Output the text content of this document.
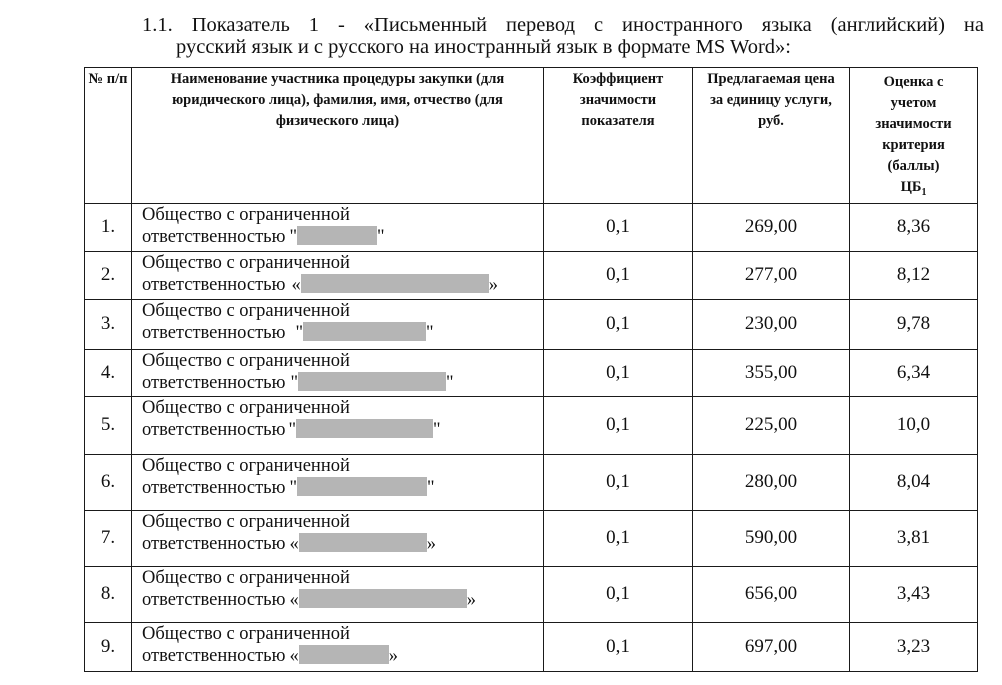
1.1. Показатель 1 - «Письменный перевод с иностранного языка (английский) на
русский язык и с русского на иностранный язык в формате MS Word»:
№ п/п	Наименование участника процедуры закупки (для юридического лица), фамилия, имя, отчество (для физического лица)	Коэффициент значимости показателя	Предлагаемая цена за единицу услуги, руб.	Оценка с учетом значимости критерия (баллы)
$ЦБ_1$
1.	Общество с ограниченной
ответственностью " "	0,1	269,00	8,36
2.	Общество с ограниченной
ответственностью « »	0,1	277,00	8,12
3.	Общество с ограниченной
ответственностью " "	0,1	230,00	9,78
4.	Общество с ограниченной
ответственностью " "	0,1	355,00	6,34
5.	Общество с ограниченной
ответственностью " "	0,1	225,00	10,0
6.	Общество с ограниченной
ответственностью " "	0,1	280,00	8,04
7.	Общество с ограниченной
ответственностью « »	0,1	590,00	3,81
8.	Общество с ограниченной
ответственностью « »	0,1	656,00	3,43
9.	Общество с ограниченной
ответственностью « »	0,1	697,00	3,23
